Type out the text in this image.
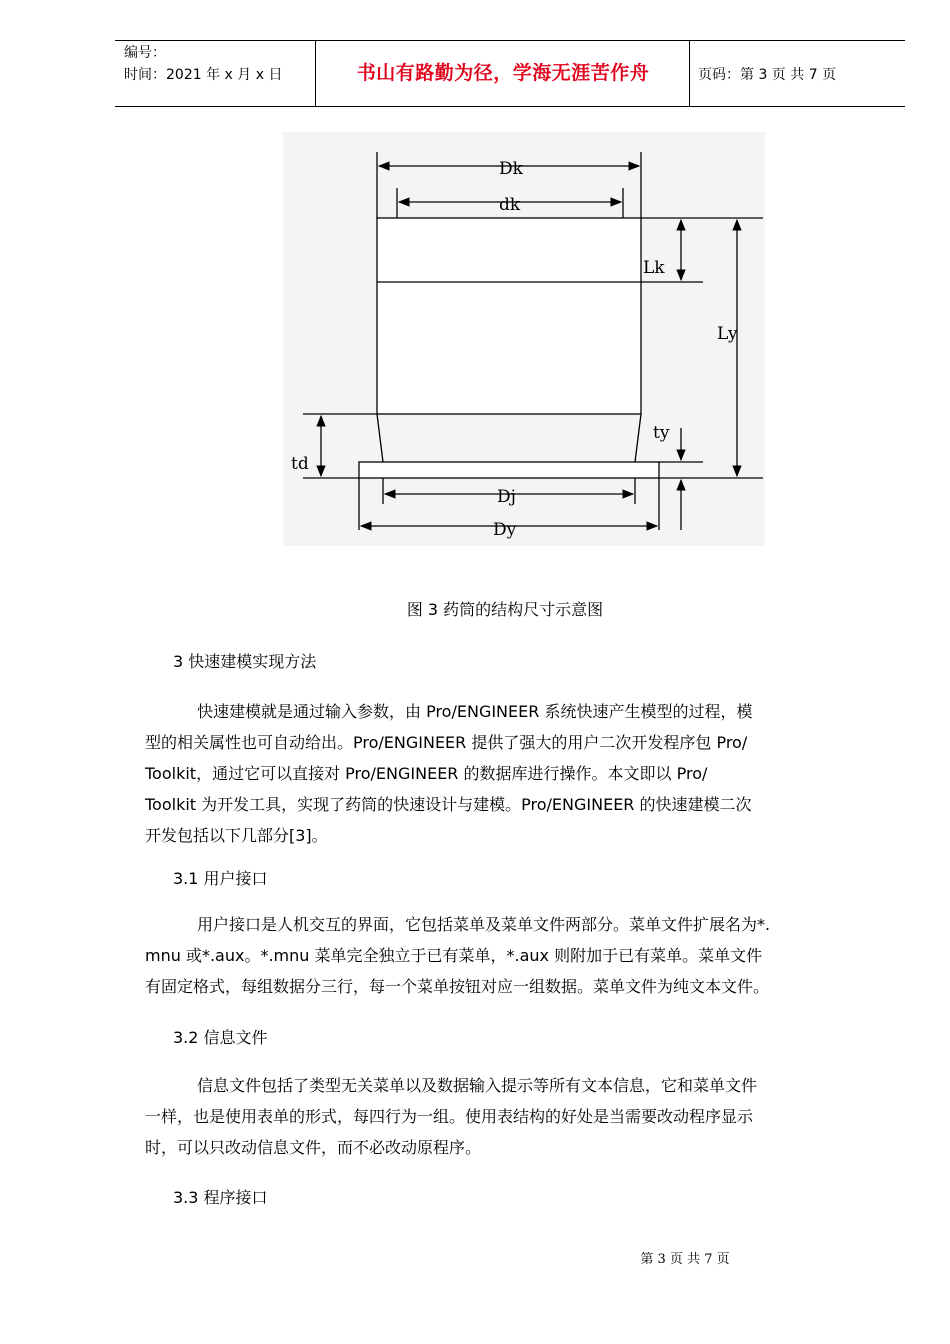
编号：
时间：2021 年 x 月 x 日	书山有路勤为径，学海无涯苦作舟	页码：第 3 页 共 7 页
Dk
dk
Lk
Ly
ty
td
Dj
Dy
图 3 药筒的结构尺寸示意图
3 快速建模实现方法
快速建模就是通过输入参数，由 Pro/ENGINEER 系统快速产生模型的过程，模
型的相关属性也可自动给出。Pro/ENGINEER 提供了强大的用户二次开发程序包 Pro/
Toolkit，通过它可以直接对 Pro/ENGINEER 的数据库进行操作。本文即以 Pro/
Toolkit 为开发工具，实现了药筒的快速设计与建模。Pro/ENGINEER 的快速建模二次
开发包括以下几部分[3]。
3.1 用户接口
用户接口是人机交互的界面，它包括菜单及菜单文件两部分。菜单文件扩展名为*.
mnu 或*.aux。*.mnu 菜单完全独立于已有菜单，*.aux 则附加于已有菜单。菜单文件
有固定格式，每组数据分三行，每一个菜单按钮对应一组数据。菜单文件为纯文本文件。
3.2 信息文件
信息文件包括了类型无关菜单以及数据输入提示等所有文本信息，它和菜单文件
一样，也是使用表单的形式，每四行为一组。使用表结构的好处是当需要改动程序显示
时，可以只改动信息文件，而不必改动原程序。
3.3 程序接口
第 3 页 共 7 页
